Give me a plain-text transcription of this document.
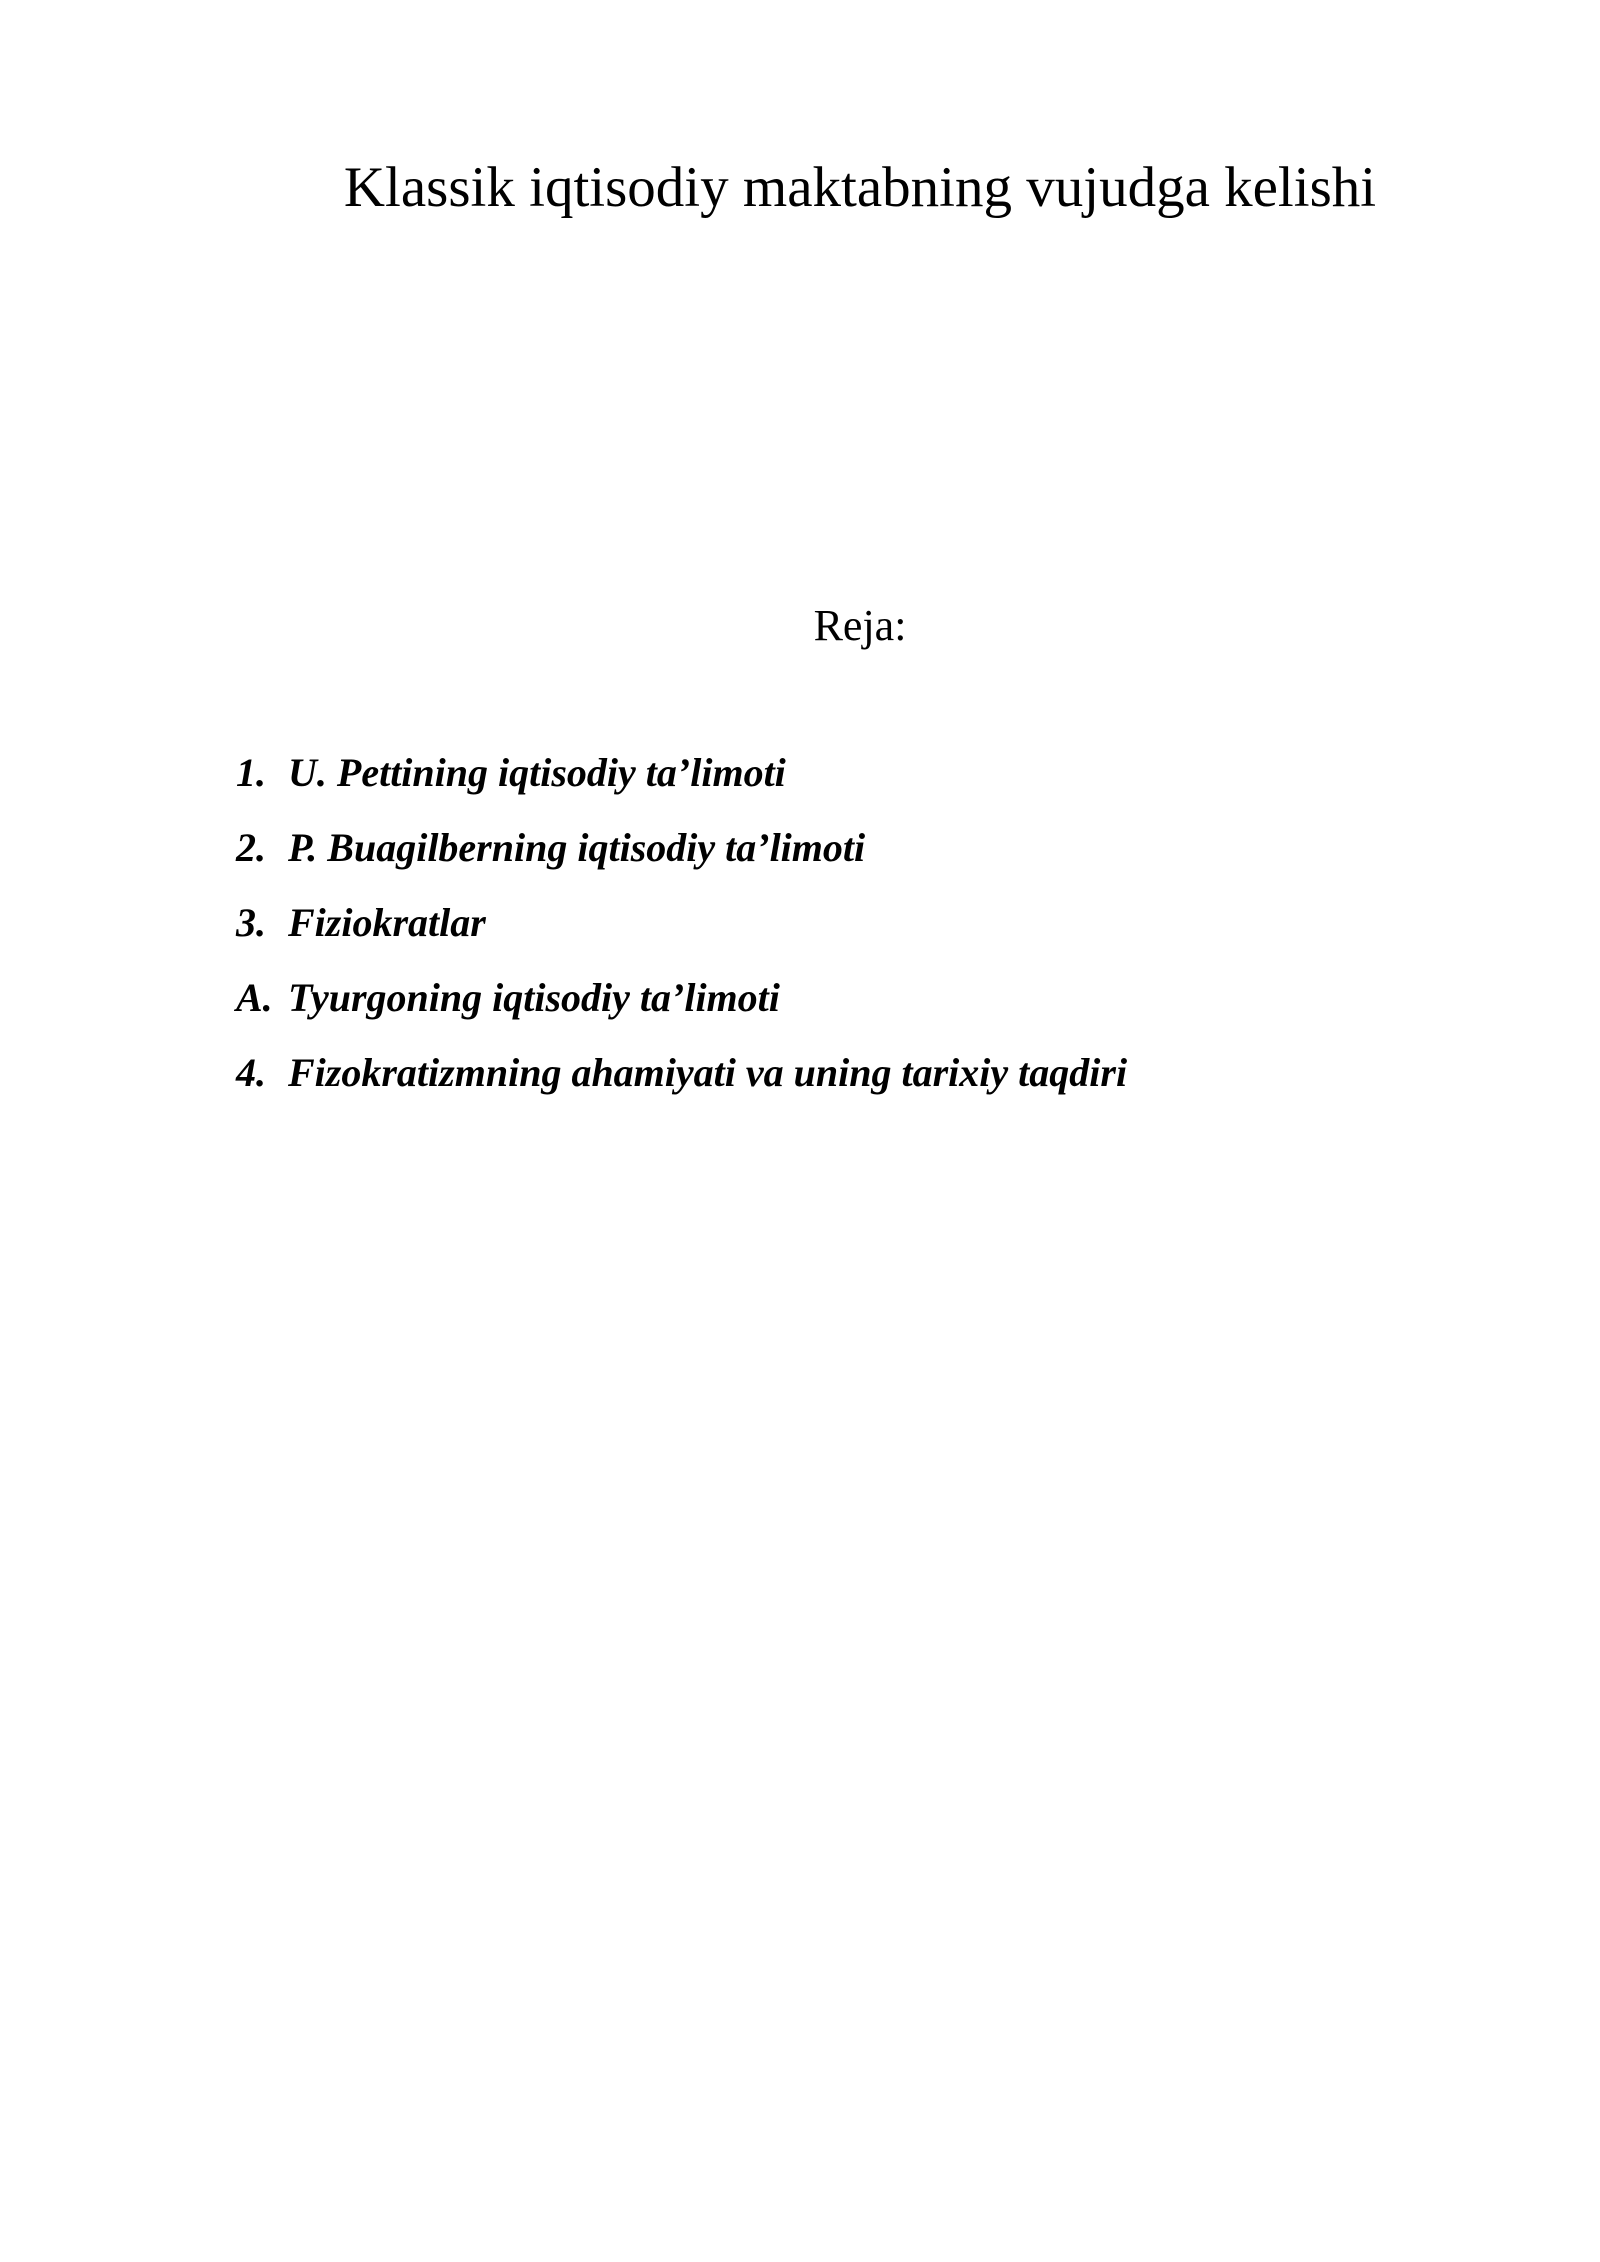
Klassik iqtisodiy maktabning vujudga kelishi
Reja:
1. U. Pettining iqtisodiy ta’limoti
2. P. Buagilberning iqtisodiy ta’limoti
3. Fiziokratlar
A. Tyurgoning iqtisodiy ta’limoti
4. Fizokratizmning ahamiyati va uning tarixiy taqdiri
